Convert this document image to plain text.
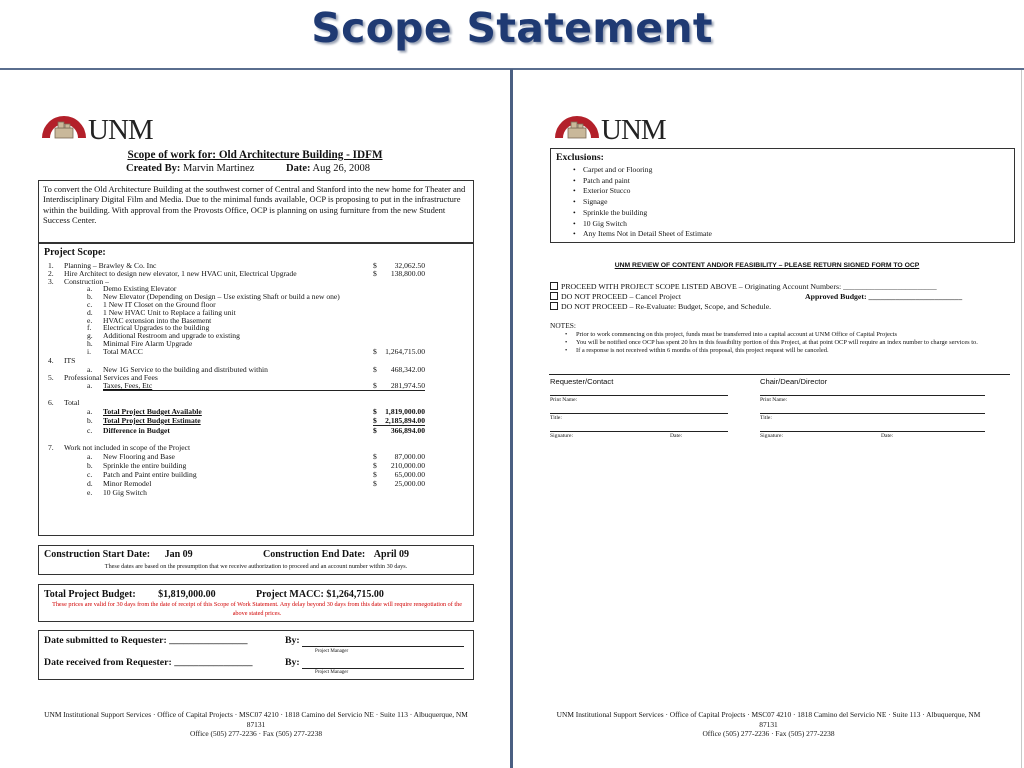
Scope Statement
UNM
Scope of work for: Old Architecture Building - IDFM
Created By: Marvin Martinez	Date: Aug 26, 2008
To convert the Old Architecture Building at the southwest corner of Central and Stanford into the new home for Theater and Interdisciplinary Digital Film and Media. Due to the minimal funds available, OCP is proposing to put in the infrastructure within the building. With approval from the Provosts Office, OCP is planning on using furniture from the new Student Success Center.
Project Scope:
1. Planning – Brawley & Co. Inc	$ 32,062.50
2. Hire Architect to design new elevator, 1 new HVAC unit, Electrical Upgrade	$ 138,800.00
3. Construction –
a. Demo Existing Elevator
b. New Elevator (Depending on Design – Use existing Shaft or build a new one)
c. 1 New IT Closet on the Ground floor
d. 1 New HVAC Unit to Replace a failing unit
e. HVAC extension into the Basement
f. Electrical Upgrades to the building
g. Additional Restroom and upgrade to existing
h. Minimal Fire Alarm Upgrade
i. Total MACC	$ 1,264,715.00
4. ITS
a. New 1G Service to the building and distributed within	$ 468,342.00
5. Professional Services and Fees
a. Taxes, Fees, Etc	$ 281,974.50
6. Total
a. Total Project Budget Available	$ 1,819,000.00
b. Total Project Budget Estimate	$ 2,185,894.00
c. Difference in Budget	$ 366,894.00
7. Work not included in scope of the Project
a. New Flooring and Base	$ 87,000.00
b. Sprinkle the entire building	$ 210,000.00
c. Patch and Paint entire building	$ 65,000.00
d. Minor Remodel	$ 25,000.00
e. 10 Gig Switch
Construction Start Date: Jan 09	Construction End Date: April 09
These dates are based on the presumption that we receive authorization to proceed and an account number within 30 days.
Total Project Budget: $1,819,000.00	Project MACC: $1,264,715.00
These prices are valid for 30 days from the date of receipt of this Scope of Work Statement. Any delay beyond 30 days from this date will require renegotiation of the above stated prices.
Date submitted to Requester: ________________	By:
Project Manager
Date received from Requester: ________________	By:
Project Manager
UNM Institutional Support Services · Office of Capital Projects · MSC07 4210 · 1818 Camino del Servicio NE · Suite 113 · Albuquerque, NM
87131
Office (505) 277-2236 · Fax (505) 277-2238
UNM
Exclusions:
• Carpet and or Flooring
• Patch and paint
• Exterior Stucco
• Signage
• Sprinkle the building
• 10 Gig Switch
• Any Items Not in Detail Sheet of Estimate
UNM REVIEW OF CONTENT AND/OR FEASIBILITY – PLEASE RETURN SIGNED FORM TO OCP
PROCEED WITH PROJECT SCOPE LISTED ABOVE – Originating Account Numbers: ________________________
DO NOT PROCEED – Cancel Project	Approved Budget: ________________________
DO NOT PROCEED – Re-Evaluate: Budget, Scope, and Schedule.
NOTES:
• Prior to work commencing on this project, funds must be transferred into a capital account at UNM Office of Capital Projects
• You will be notified once OCP has spent 20 hrs in this feasibility portion of this Project, at that point OCP will require an index number to charge services to.
• If a response is not received within 6 months of this proposal, this project request will be canceled.
Requester/Contact	Chair/Dean/Director
Print Name:
Title:
Signature:	Date:
Print Name:
Title:
Signature:	Date:
UNM Institutional Support Services · Office of Capital Projects · MSC07 4210 · 1818 Camino del Servicio NE · Suite 113 · Albuquerque, NM
87131
Office (505) 277-2236 · Fax (505) 277-2238
